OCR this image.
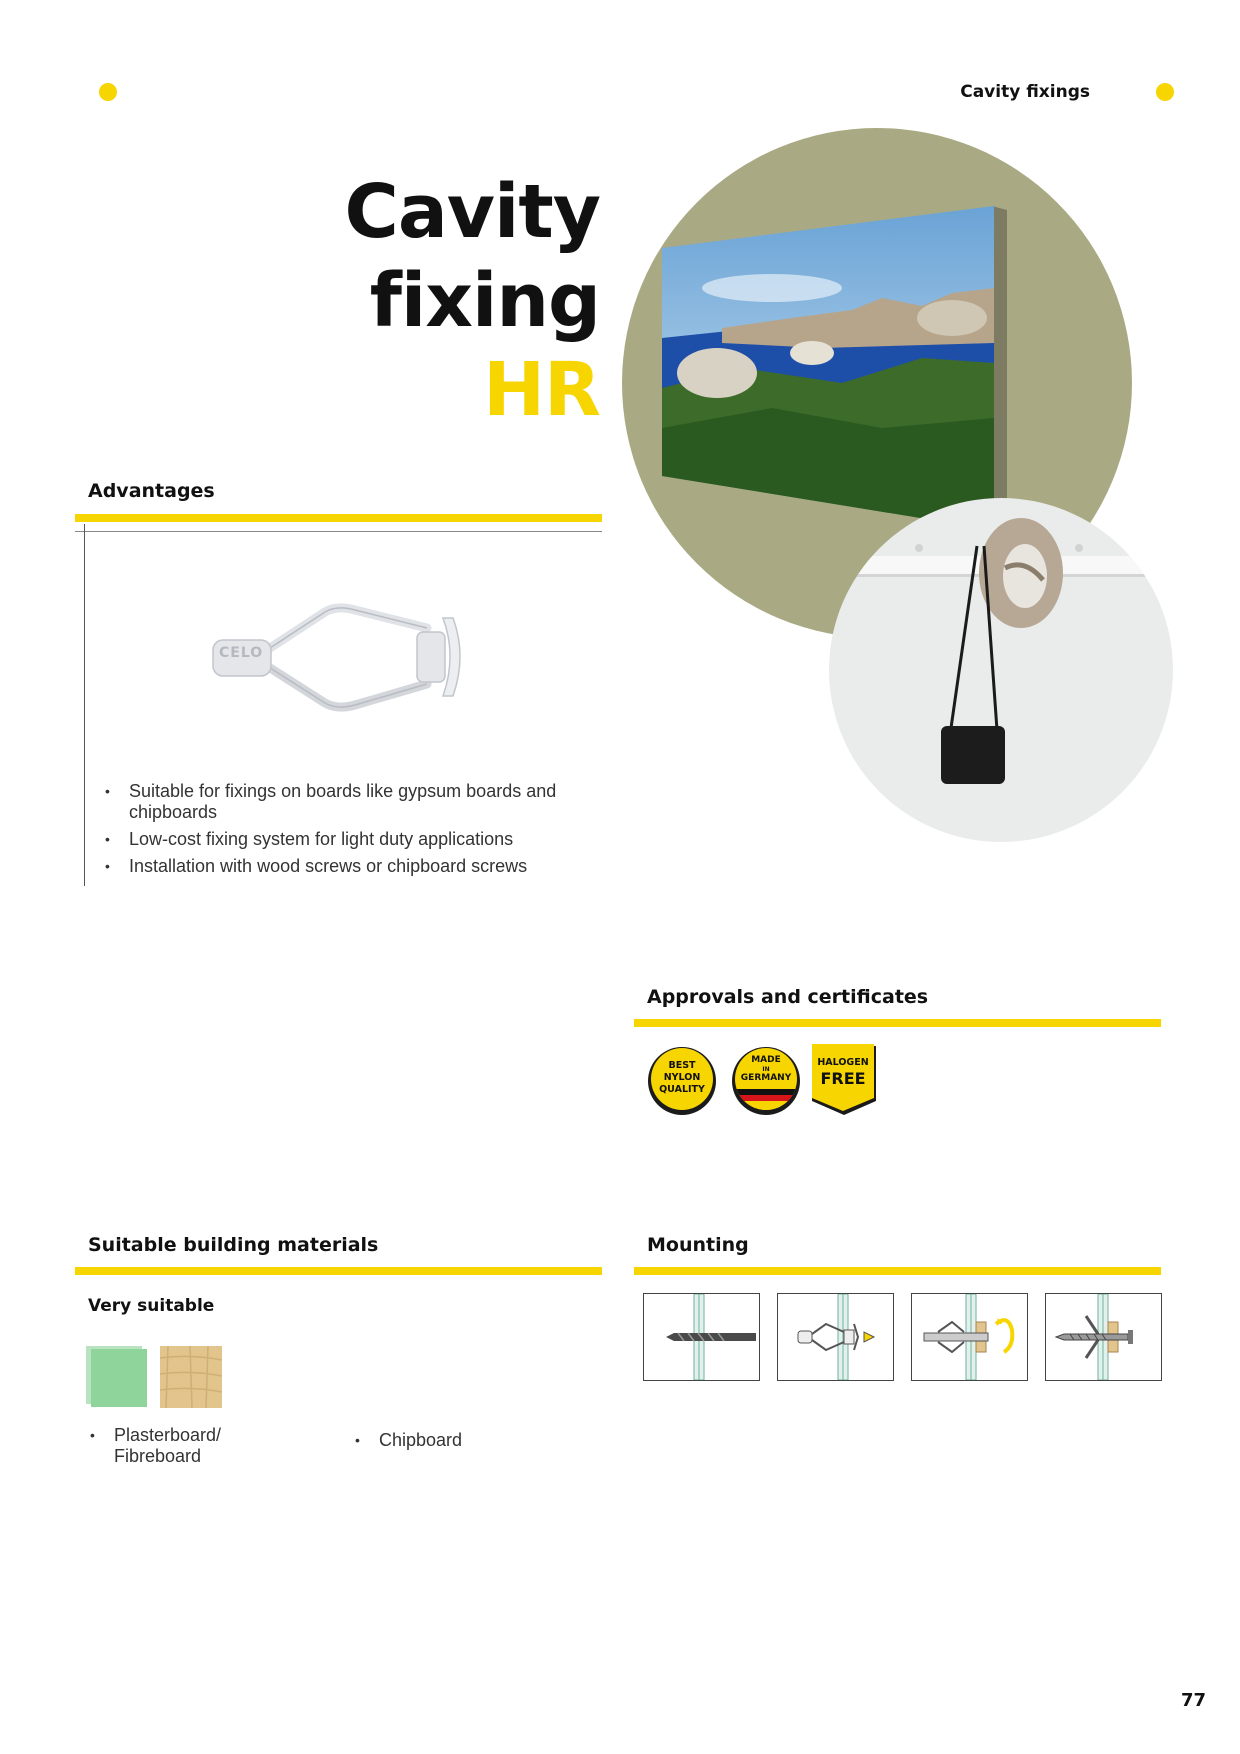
Cavity fixings
Cavity
fixing
HR
Advantages
CELO
• Suitable for fixings on boards like gypsum boards and chipboards
• Low-cost fixing system for light duty applications
• Installation with wood screws or chipboard screws
Approvals and certificates
BEST
NYLON
QUALITY
MADE
IN
GERMANY
HALOGEN
FREE
Suitable building materials
Very suitable
• Plasterboard/ Fibreboard
• Chipboard
Mounting
77
